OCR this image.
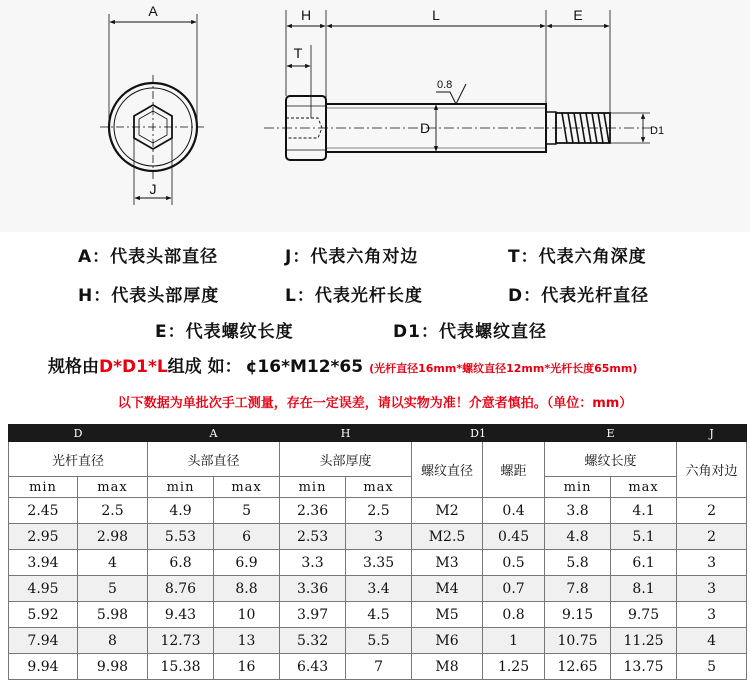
A
J
H
T
L	E
D	D1
0.8
A：代表头部直径	J：代表六角对边	T：代表六角深度
H：代表头部厚度	L：代表光杆长度	D：代表光杆直径
E：代表螺纹长度	D1：代表螺纹直径
规格由D*D1*L组成 如： ¢16*M12*65 (光杆直径16mm*螺纹直径12mm*光杆长度65mm)
以下数据为单批次手工测量，存在一定误差，请以实物为准！介意者慎拍。（单位：mm）
D		A		H		D1		E		J
光杆直径		头部直径		头部厚度		螺纹直径	螺距	螺纹长度		六角对边
min	max	min	max	min	max			min	max	
2.45	2.5	4.9	5	2.36	2.5	M2	0.4	3.8	4.1	2
2.95	2.98	5.53	6	2.53	3	M2.5	0.45	4.8	5.1	2
3.94	4	6.8	6.9	3.3	3.35	M3	0.5	5.8	6.1	3
4.95	5	8.76	8.8	3.36	3.4	M4	0.7	7.8	8.1	3
5.92	5.98	9.43	10	3.97	4.5	M5	0.8	9.15	9.75	3
7.94	8	12.73	13	5.32	5.5	M6	1	10.75	11.25	4
9.94	9.98	15.38	16	6.43	7	M8	1.25	12.65	13.75	5
